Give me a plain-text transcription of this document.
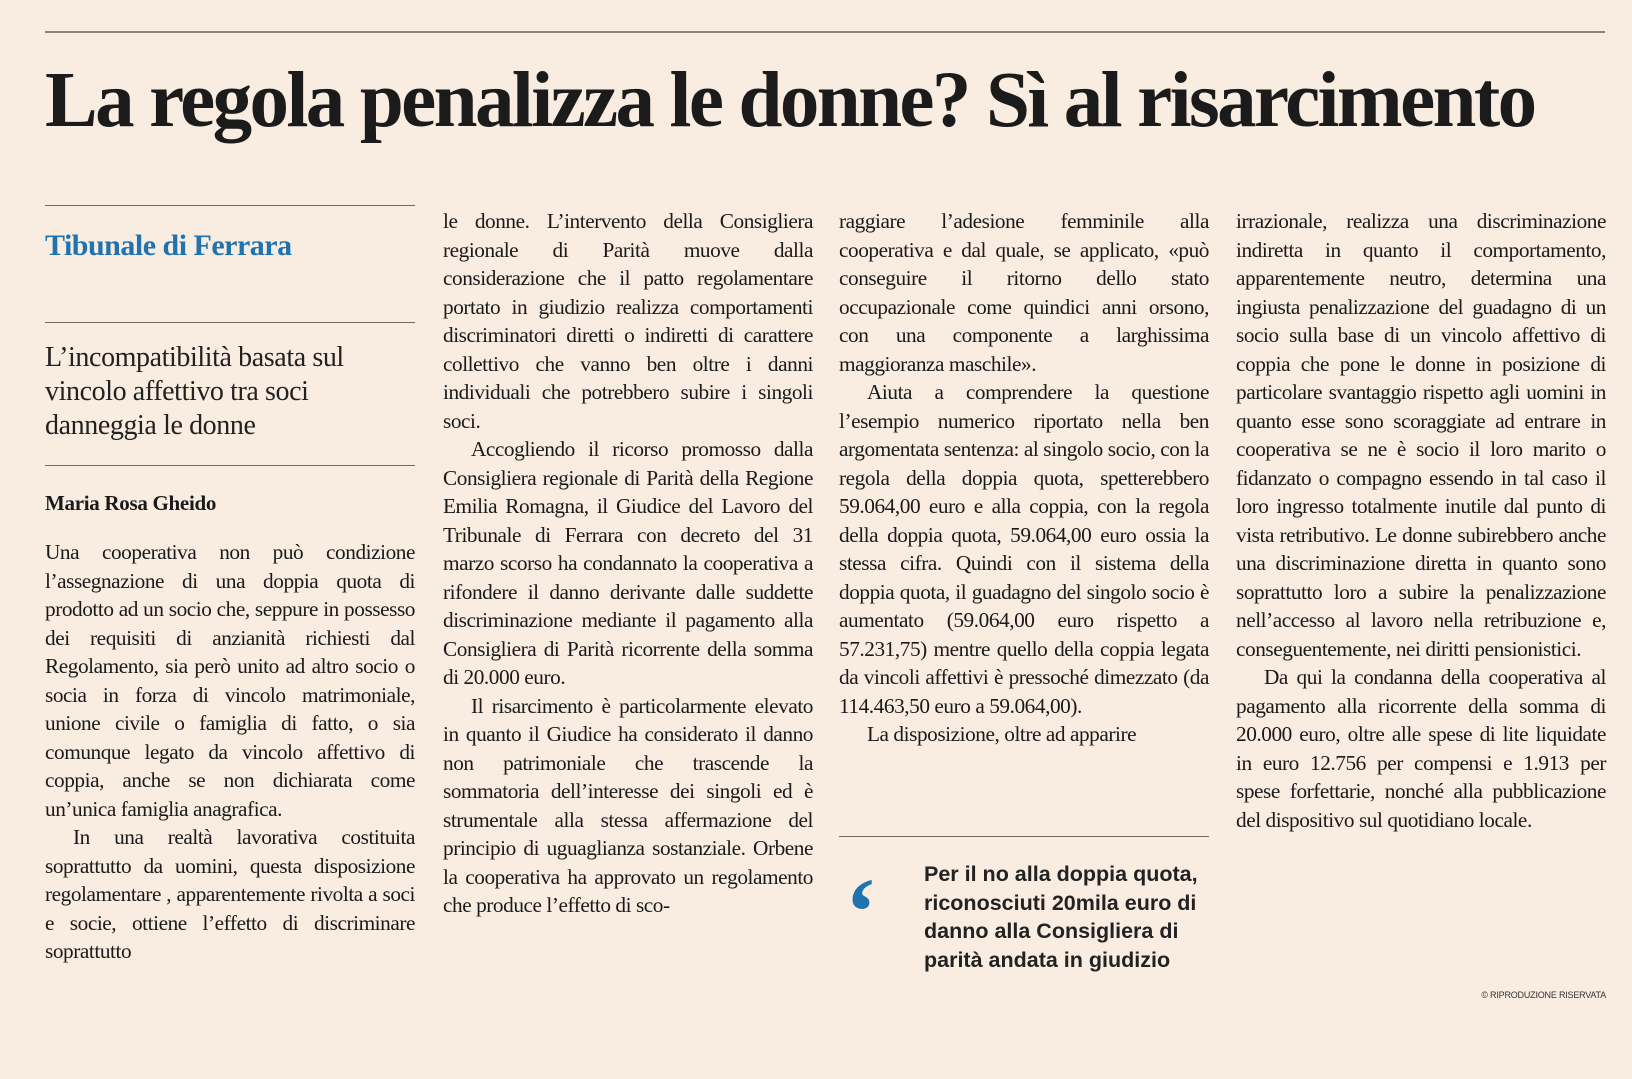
La regola penalizza le donne? Sì al risarcimento
Tibunale di Ferrara
L’incompatibilità basata sul vincolo affettivo tra soci danneggia le donne
Maria Rosa Gheido

Una cooperativa non può condizione l’assegnazione di una doppia quota di prodotto ad un socio che, seppure in possesso dei requisiti di anzianità richiesti dal Regolamento, sia però unito ad altro socio o socia in forza di vincolo matrimoniale, unione civile o famiglia di fatto, o sia comunque legato da vincolo affettivo di coppia, anche se non dichiarata come un’unica famiglia anagrafica.

In una realtà lavorativa costituita soprattutto da uomini, questa disposizione regolamentare , apparentemente rivolta a soci e socie, ottiene l’effetto di discriminare soprattutto

le donne. L’intervento della Consigliera regionale di Parità muove dalla considerazione che il patto regolamentare portato in giudizio realizza comportamenti discriminatori diretti o indiretti di carattere collettivo che vanno ben oltre i danni individuali che potrebbero subire i singoli soci.

Accogliendo il ricorso promosso dalla Consigliera regionale di Parità della Regione Emilia Romagna, il Giudice del Lavoro del Tribunale di Ferrara con decreto del 31 marzo scorso ha condannato la cooperativa a rifondere il danno derivante dalle suddette discriminazione mediante il pagamento alla Consigliera di Parità ricorrente della somma di 20.000 euro.

Il risarcimento è particolarmente elevato in quanto il Giudice ha considerato il danno non patrimoniale che trascende la sommatoria dell’interesse dei singoli ed è strumentale alla stessa affermazione del principio di uguaglianza sostanziale. Orbene la cooperativa ha approvato un regolamento che produce l’effetto di sco-

raggiare l’adesione femminile alla cooperativa e dal quale, se applicato, «può conseguire il ritorno dello stato occupazionale come quindici anni orsono, con una componente a larghissima maggioranza maschile».

Aiuta a comprendere la questione l’esempio numerico riportato nella ben argomentata sentenza: al singolo socio, con la regola della doppia quota, spetterebbero 59.064,00 euro e alla coppia, con la regola della doppia quota, 59.064,00 euro ossia la stessa cifra. Quindi con il sistema della doppia quota, il guadagno del singolo socio è aumentato (59.064,00 euro rispetto a 57.231,75) mentre quello della coppia legata da vincoli affettivi è pressoché dimezzato (da 114.463,50 euro a 59.064,00).

La disposizione, oltre ad apparire

‘ Per il no alla doppia quota, riconosciuti 20mila euro di danno alla Consigliera di parità andata in giudizio

irrazionale, realizza una discriminazione indiretta in quanto il comportamento, apparentemente neutro, determina una ingiusta penalizzazione del guadagno di un socio sulla base di un vincolo affettivo di coppia che pone le donne in posizione di particolare svantaggio rispetto agli uomini in quanto esse sono scoraggiate ad entrare in cooperativa se ne è socio il loro marito o fidanzato o compagno essendo in tal caso il loro ingresso totalmente inutile dal punto di vista retributivo. Le donne subirebbero anche una discriminazione diretta in quanto sono soprattutto loro a subire la penalizzazione nell’accesso al lavoro nella retribuzione e, conseguentemente, nei diritti pensionistici.

Da qui la condanna della cooperativa al pagamento alla ricorrente della somma di 20.000 euro, oltre alle spese di lite liquidate in euro 12.756 per compensi e 1.913 per spese forfettarie, nonché alla pubblicazione del dispositivo sul quotidiano locale.

© RIPRODUZIONE RISERVATA
